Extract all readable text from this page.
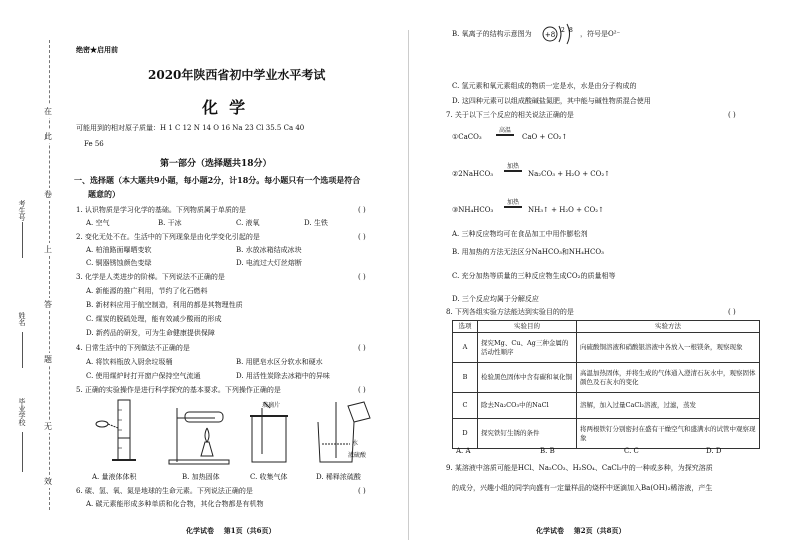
在
此
卷
上
答
题
无
效
考生号
姓名
毕业学校
绝密★启用前
2020年陕西省初中学业水平考试
化  学
可能用到的相对原子质量：H 1 C 12 N 14 O 16 Na 23 Cl 35.5 Ca 40
Fe 56
第一部分（选择题共18分）
一、选择题（本大题共9小题，每小题2分，计18分。每小题只有一个选项是符合
题意的）
1. 认识物质是学习化学的基础。下列物质属于单质的是	( )
A. 空气	B. 干冰	C. 液氧	D. 生铁
2. 变化无处不在。生活中的下列现象是由化学变化引起的是	( )
A. 柏油路面曝晒变软	B. 水放冰箱结成冰块
C. 铜器锈蚀颜色变绿	D. 电流过大灯丝熔断
3. 化学是人类进步的阶梯。下列说法不正确的是	( )
A. 新能源的推广利用，节约了化石燃料
B. 新材料应用于航空制造，利用的都是其物理性质
C. 煤炭的脱硫处理，能有效减少酸雨的形成
D. 新药品的研发，可为生命健康提供保障
4. 日常生活中的下列做法不正确的是	( )
A. 将饮料瓶放入厨余垃圾桶	B. 用肥皂水区分软水和硬水
C. 使用煤炉时打开窗户保持空气流通	D. 用活性炭除去冰箱中的异味
5. 正确的实验操作是进行科学探究的基本要求。下列操作正确的是	( )
玻璃片
水
浓硫酸
A. 量液体体积	B. 加热固体	C. 收集气体	D. 稀释浓硫酸
6. 碳、氢、氧、氮是地球的生命元素。下列说法正确的是	( )
A. 碳元素能形成多种单质和化合物，其化合物都是有机物
化学试卷    第1页（共6页）
B. 氧离子的结构示意图为 +8
2 8 ，符号是O²⁻
C. 氢元素和氧元素组成的物质一定是水，水是由分子构成的
D. 这四种元素可以组成酸碱盐氮肥，其中能与碱性物质混合使用
7. 关于以下三个反应的相关说法正确的是	( )
①CaCO₃
高温
CaO + CO₂↑
②2NaHCO₃
加热
Na₂CO₃ + H₂O + CO₂↑
③NH₄HCO₃
加热
NH₃↑ + H₂O + CO₂↑
A. 三种反应物均可在食品加工中用作膨松剂
B. 用加热的方法无法区分NaHCO₃和NH₄HCO₃
C. 充分加热等质量的三种反应物生成CO₂的质量相等
D. 三个反应均属于分解反应
8. 下列各组实验方法能达到实验目的的是	( )
选项	实验目的	实验方法
A	探究Mg、Cu、Ag三种金属的活动性顺序	向硫酸铜溶液和硝酸银溶液中各放入一根镁条，观察现象
B	检验黑色固体中含有碳和氧化铜	高温加热固体，并将生成的气体通入澄清石灰水中，观察固体颜色及石灰水的变化
C	除去Na₂CO₃中的NaCl	溶解，加入过量CaCl₂溶液，过滤，蒸发
D	探究铁钉生锈的条件	将两根铁钉分别密封在盛有干燥空气和盛满水的试管中观察现象
A. A	B. B	C. C	D. D
9. 某溶液中溶质可能是HCl、Na₂CO₃、H₂SO₄、CaCl₂中的一种或多种，为探究溶质
的成分，兴趣小组的同学向盛有一定量样品的烧杯中逐滴加入Ba(OH)₂稀溶液，产生
化学试卷    第2页（共8页）
